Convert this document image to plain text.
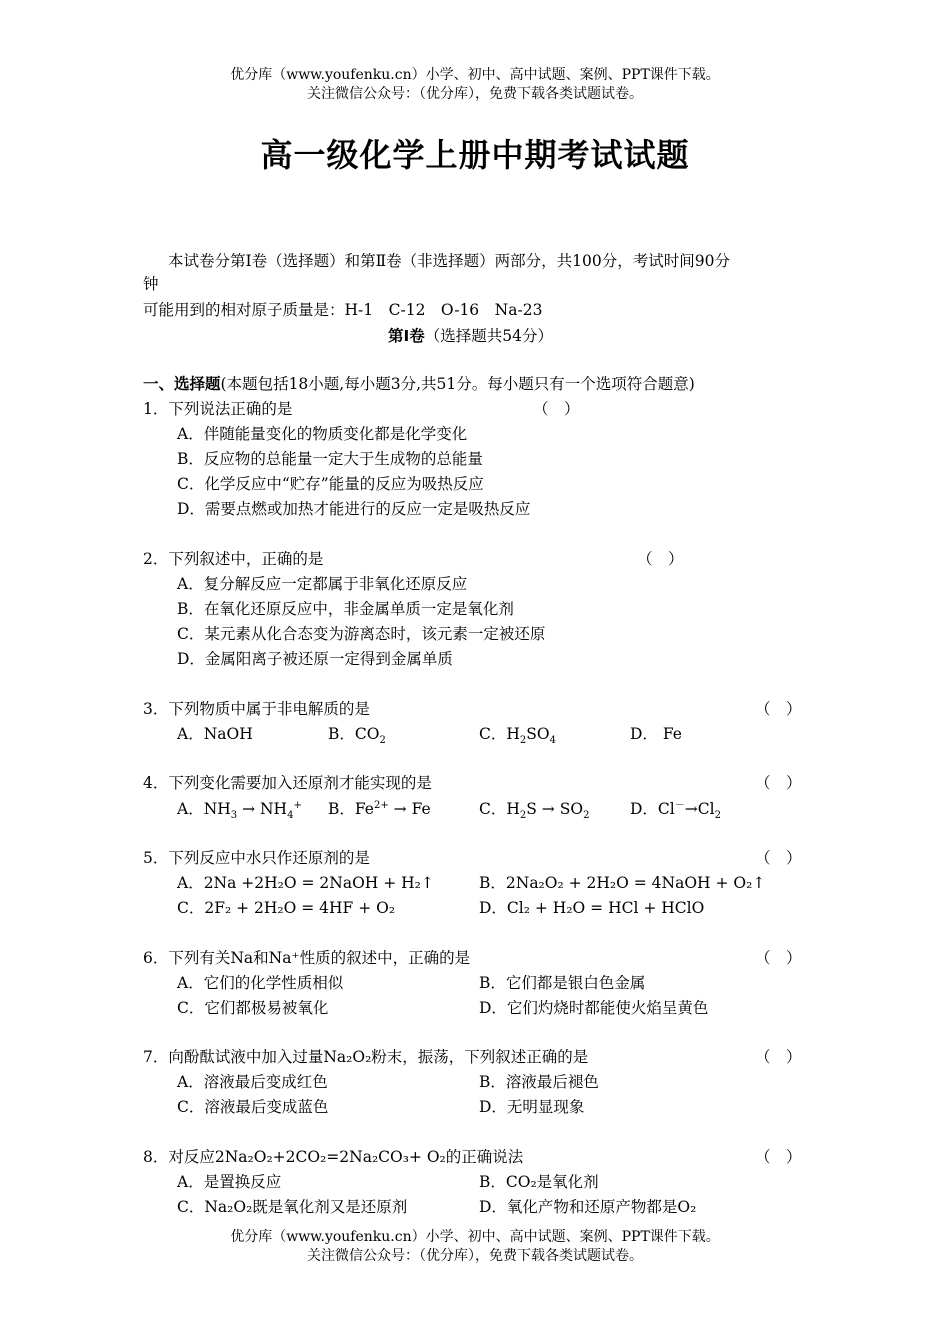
优分库（www.youfenku.cn）小学、初中、高中试题、案例、PPT课件下载。
关注微信公众号：（优分库），免费下载各类试题试卷。
高一级化学上册中期考试试题
本试卷分第Ⅰ卷（选择题）和第Ⅱ卷（非选择题）两部分，共100分，考试时间90分
钟
可能用到的相对原子质量是：H-1　C-12　O-16　Na-23
第Ⅰ卷（选择题共54分）
一、选择题(本题包括18小题,每小题3分,共51分。每小题只有一个选项符合题意)
1．下列说法正确的是	（　）
A．伴随能量变化的物质变化都是化学变化
B．反应物的总能量一定大于生成物的总能量
C．化学反应中“贮存”能量的反应为吸热反应
D．需要点燃或加热才能进行的反应一定是吸热反应
2．下列叙述中，正确的是	（　）
A．复分解反应一定都属于非氧化还原反应
B．在氧化还原反应中，非金属单质一定是氧化剂
C．某元素从化合态变为游离态时，该元素一定被还原
D．金属阳离子被还原一定得到金属单质
3．下列物质中属于非电解质的是	（　）
A．NaOH	B．$CO_2$	C．$H_2SO_4$	D． Fe
4．下列变化需要加入还原剂才能实现的是	（　）
A．$NH_3 \to NH_4^+$ B．$Fe^{2+} \to Fe$	C．$H_2S \to SO_2$	D．$Cl^-\to Cl_2$
5．下列反应中水只作还原剂的是	（　）
A．2Na +2H₂O = 2NaOH + H₂↑	B．2Na₂O₂ + 2H₂O = 4NaOH + O₂↑
C．2F₂ + 2H₂O = 4HF + O₂	D．Cl₂ + H₂O = HCl + HClO
6．下列有关Na和Na⁺性质的叙述中，正确的是	（　）
A．它们的化学性质相似	B．它们都是银白色金属
C．它们都极易被氧化	D．它们灼烧时都能使火焰呈黄色
7．向酚酞试液中加入过量Na₂O₂粉末，振荡，下列叙述正确的是	（　）
A．溶液最后变成红色	B．溶液最后褪色
C．溶液最后变成蓝色	D．无明显现象
8．对反应2Na₂O₂+2CO₂=2Na₂CO₃+ O₂的正确说法	（　）
A．是置换反应	B．CO₂是氧化剂
C．Na₂O₂既是氧化剂又是还原剂	D．氧化产物和还原产物都是O₂
优分库（www.youfenku.cn）小学、初中、高中试题、案例、PPT课件下载。
关注微信公众号：（优分库），免费下载各类试题试卷。
